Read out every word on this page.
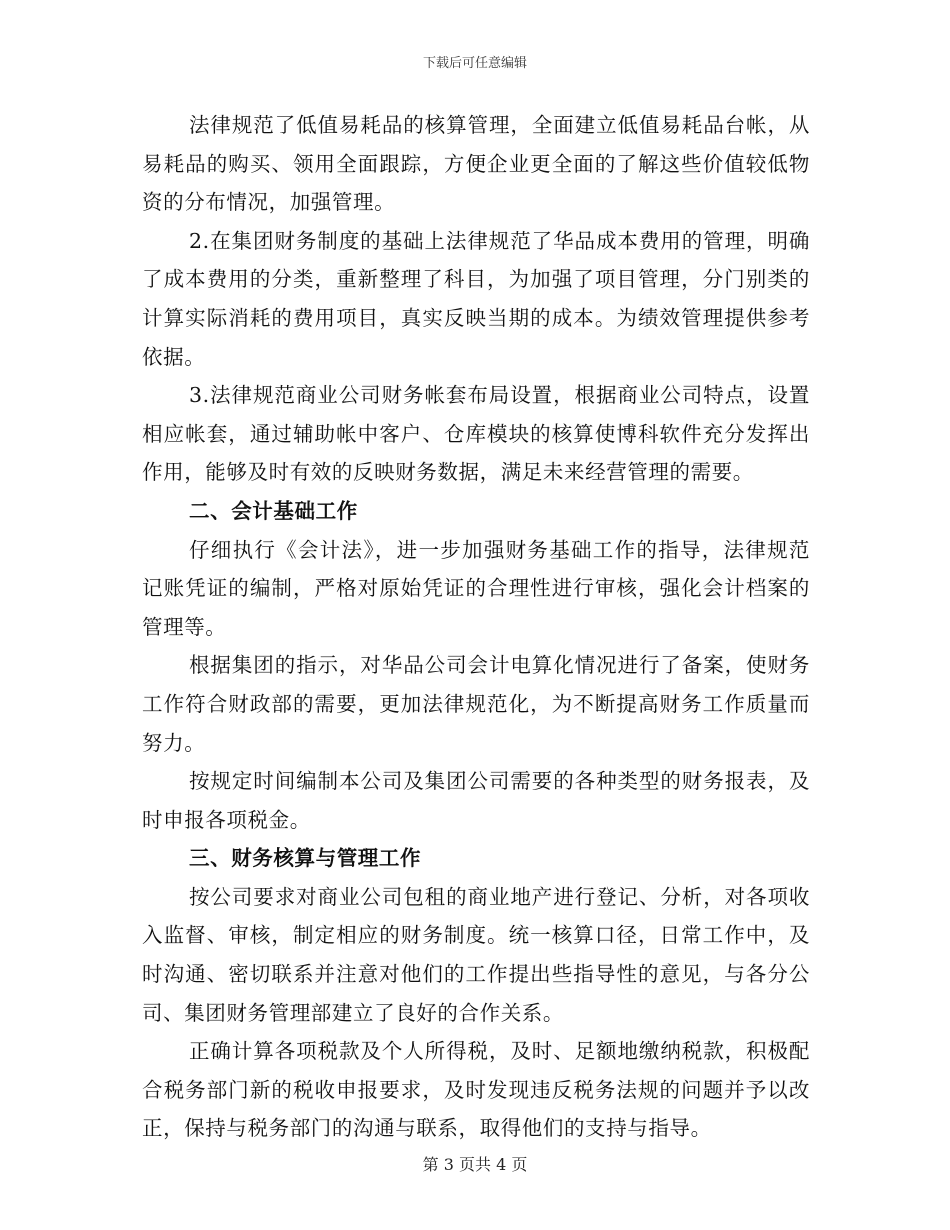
下载后可任意编辑

法律规范了低值易耗品的核算管理，全面建立低值易耗品台帐，从易耗品的购买、领用全面跟踪，方便企业更全面的了解这些价值较低物资的分布情况，加强管理。

2.在集团财务制度的基础上法律规范了华品成本费用的管理，明确了成本费用的分类，重新整理了科目，为加强了项目管理，分门别类的计算实际消耗的费用项目，真实反映当期的成本。为绩效管理提供参考依据。

3.法律规范商业公司财务帐套布局设置，根据商业公司特点，设置相应帐套，通过辅助帐中客户、仓库模块的核算使博科软件充分发挥出作用，能够及时有效的反映财务数据，满足未来经营管理的需要。

二、会计基础工作

仔细执行《会计法》，进一步加强财务基础工作的指导，法律规范记账凭证的编制，严格对原始凭证的合理性进行审核，强化会计档案的管理等。

根据集团的指示，对华品公司会计电算化情况进行了备案，使财务工作符合财政部的需要，更加法律规范化，为不断提高财务工作质量而努力。

按规定时间编制本公司及集团公司需要的各种类型的财务报表，及时申报各项税金。

三、财务核算与管理工作

按公司要求对商业公司包租的商业地产进行登记、分析，对各项收入监督、审核，制定相应的财务制度。统一核算口径，日常工作中，及时沟通、密切联系并注意对他们的工作提出些指导性的意见，与各分公司、集团财务管理部建立了良好的合作关系。

正确计算各项税款及个人所得税，及时、足额地缴纳税款，积极配合税务部门新的税收申报要求，及时发现违反税务法规的问题并予以改正，保持与税务部门的沟通与联系，取得他们的支持与指导。

第 3 页共 4 页
